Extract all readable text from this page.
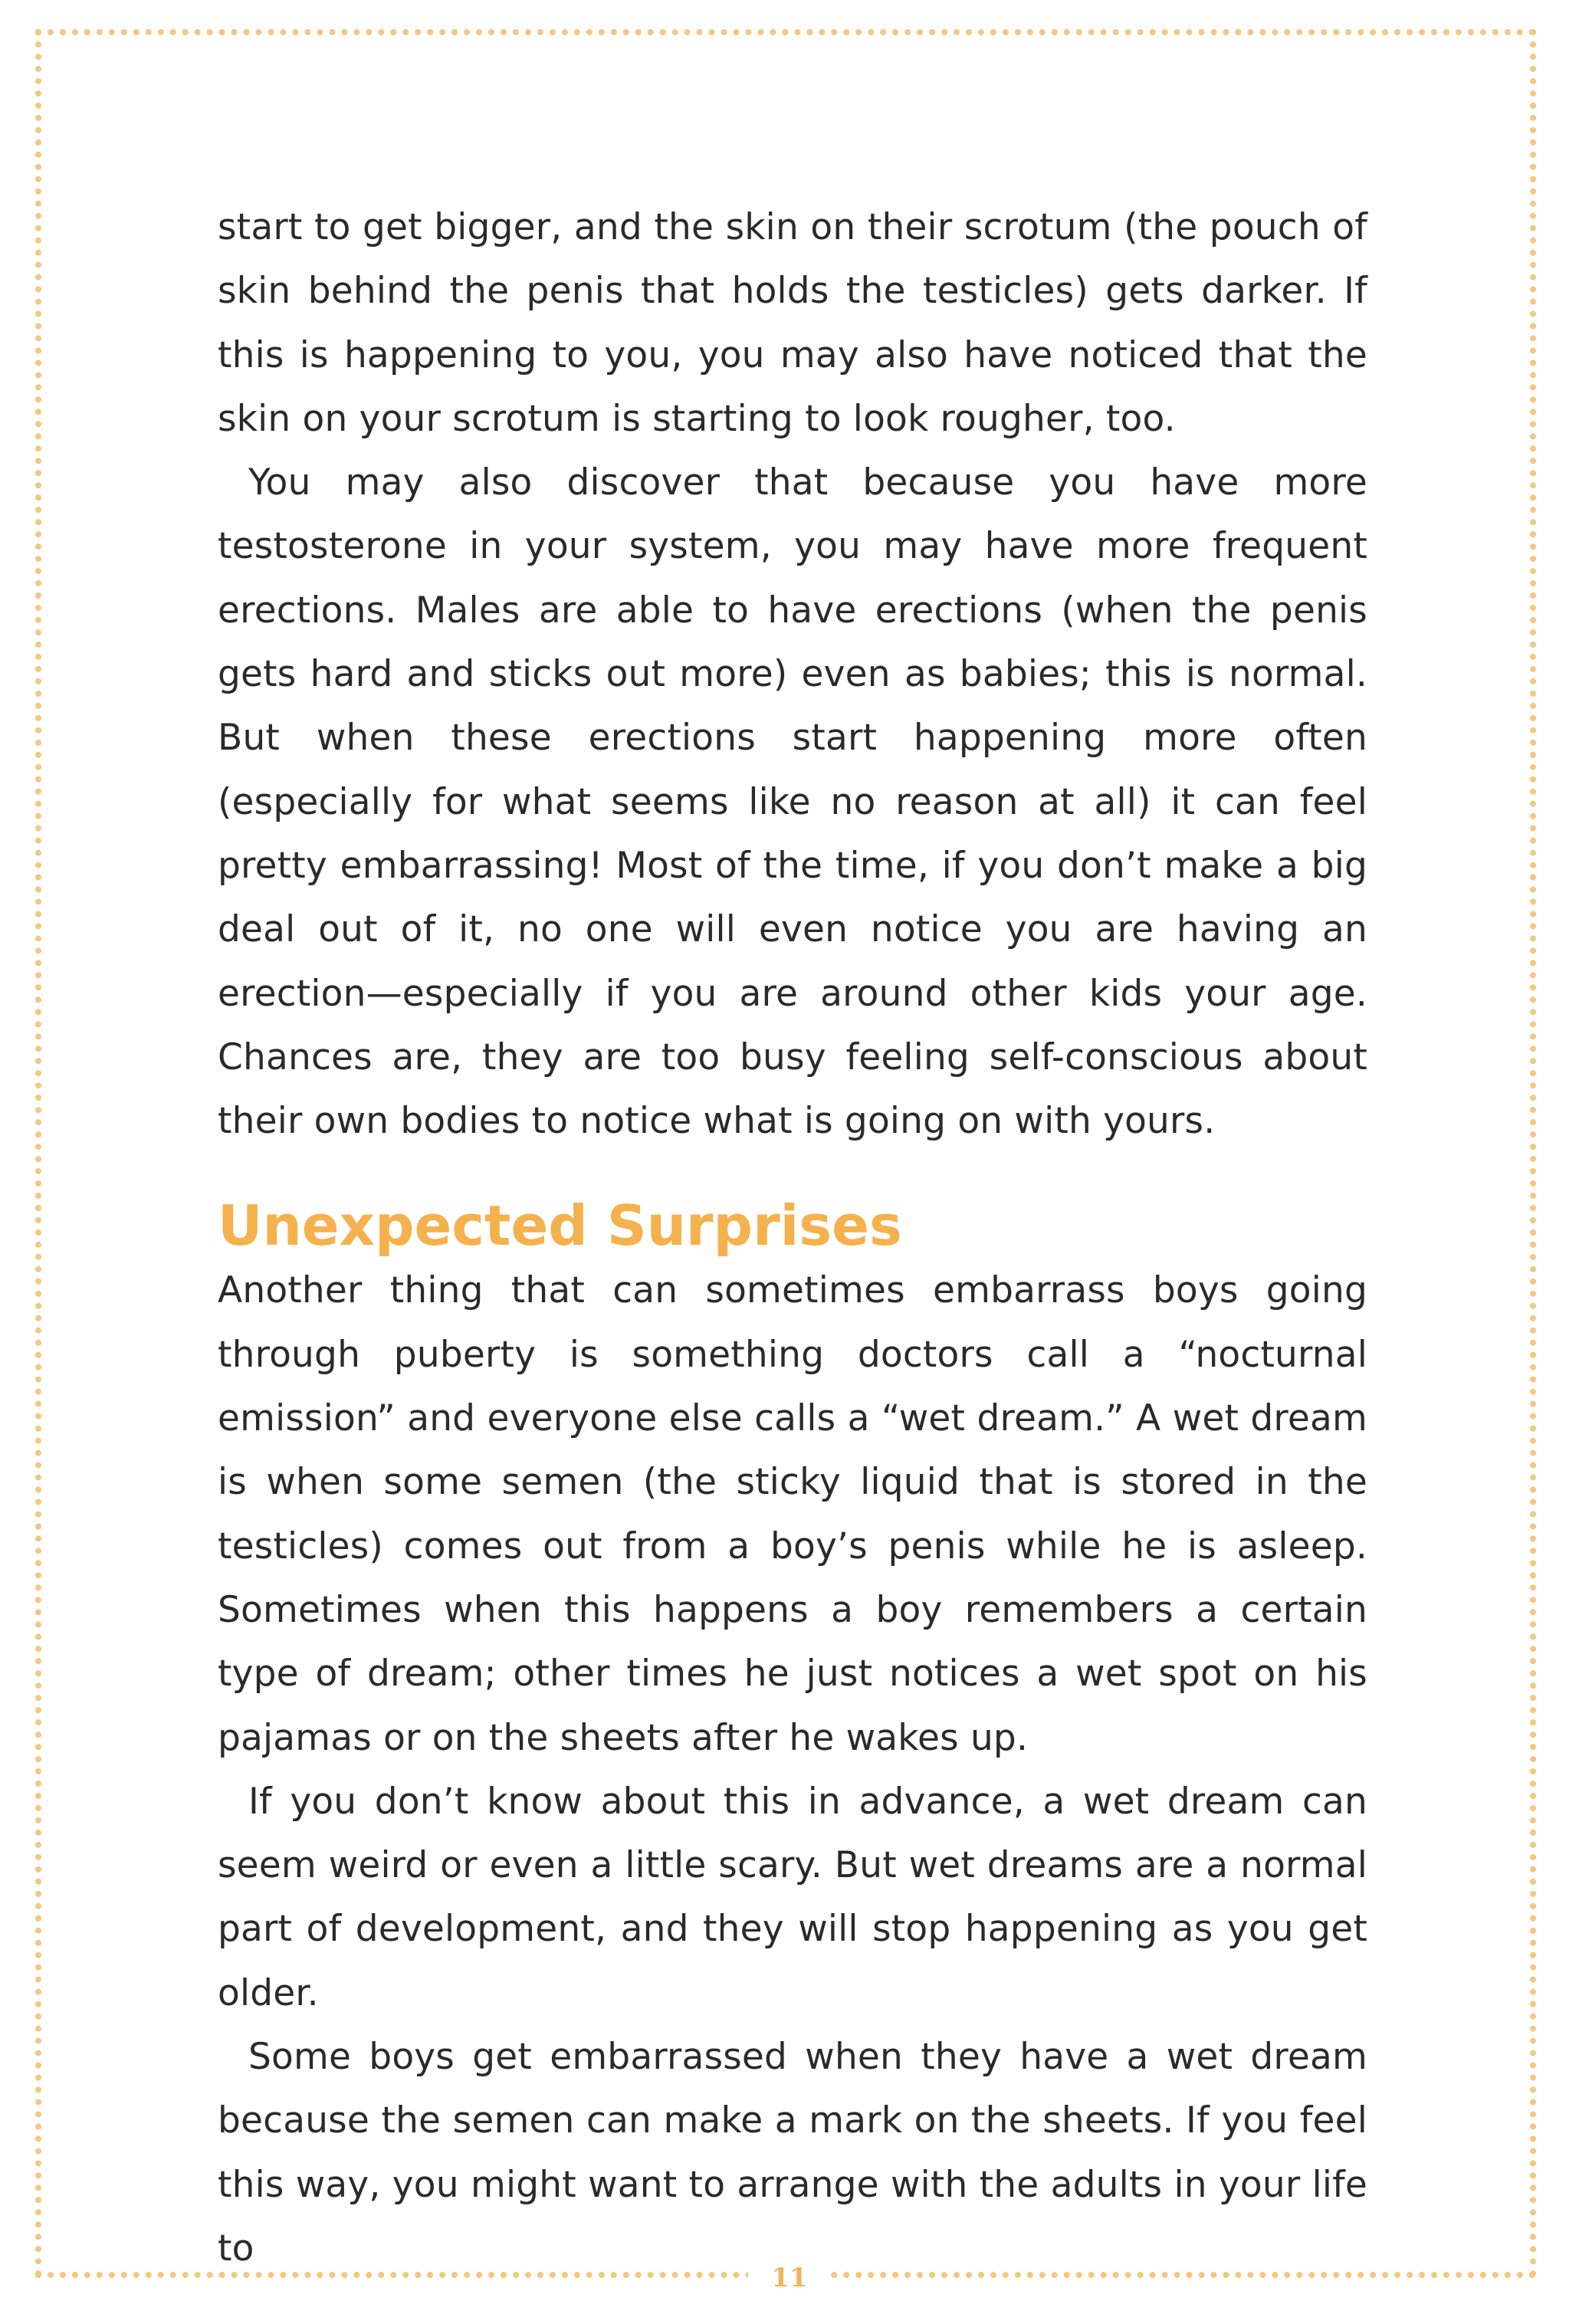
start to get bigger, and the skin on their scrotum (the pouch of skin behind the penis that holds the testicles) gets darker. If this is happening to you, you may also have noticed that the skin on your scrotum is starting to look rougher, too.

You may also discover that because you have more testosterone in your system, you may have more frequent erections. Males are able to have erections (when the penis gets hard and sticks out more) even as babies; this is normal. But when these erections start happening more often (especially for what seems like no reason at all) it can feel pretty embarrassing! Most of the time, if you don’t make a big deal out of it, no one will even notice you are having an erection—especially if you are around other kids your age. Chances are, they are too busy feeling self-conscious about their own bodies to notice what is going on with yours.

Unexpected Surprises

Another thing that can sometimes embarrass boys going through puberty is something doctors call a “nocturnal emission” and everyone else calls a “wet dream.” A wet dream is when some semen (the sticky liquid that is stored in the testicles) comes out from a boy’s penis while he is asleep. Sometimes when this happens a boy remembers a certain type of dream; other times he just notices a wet spot on his pajamas or on the sheets after he wakes up.

If you don’t know about this in advance, a wet dream can seem weird or even a little scary. But wet dreams are a normal part of development, and they will stop happening as you get older.

Some boys get embarrassed when they have a wet dream because the semen can make a mark on the sheets. If you feel this way, you might want to arrange with the adults in your life to

11
